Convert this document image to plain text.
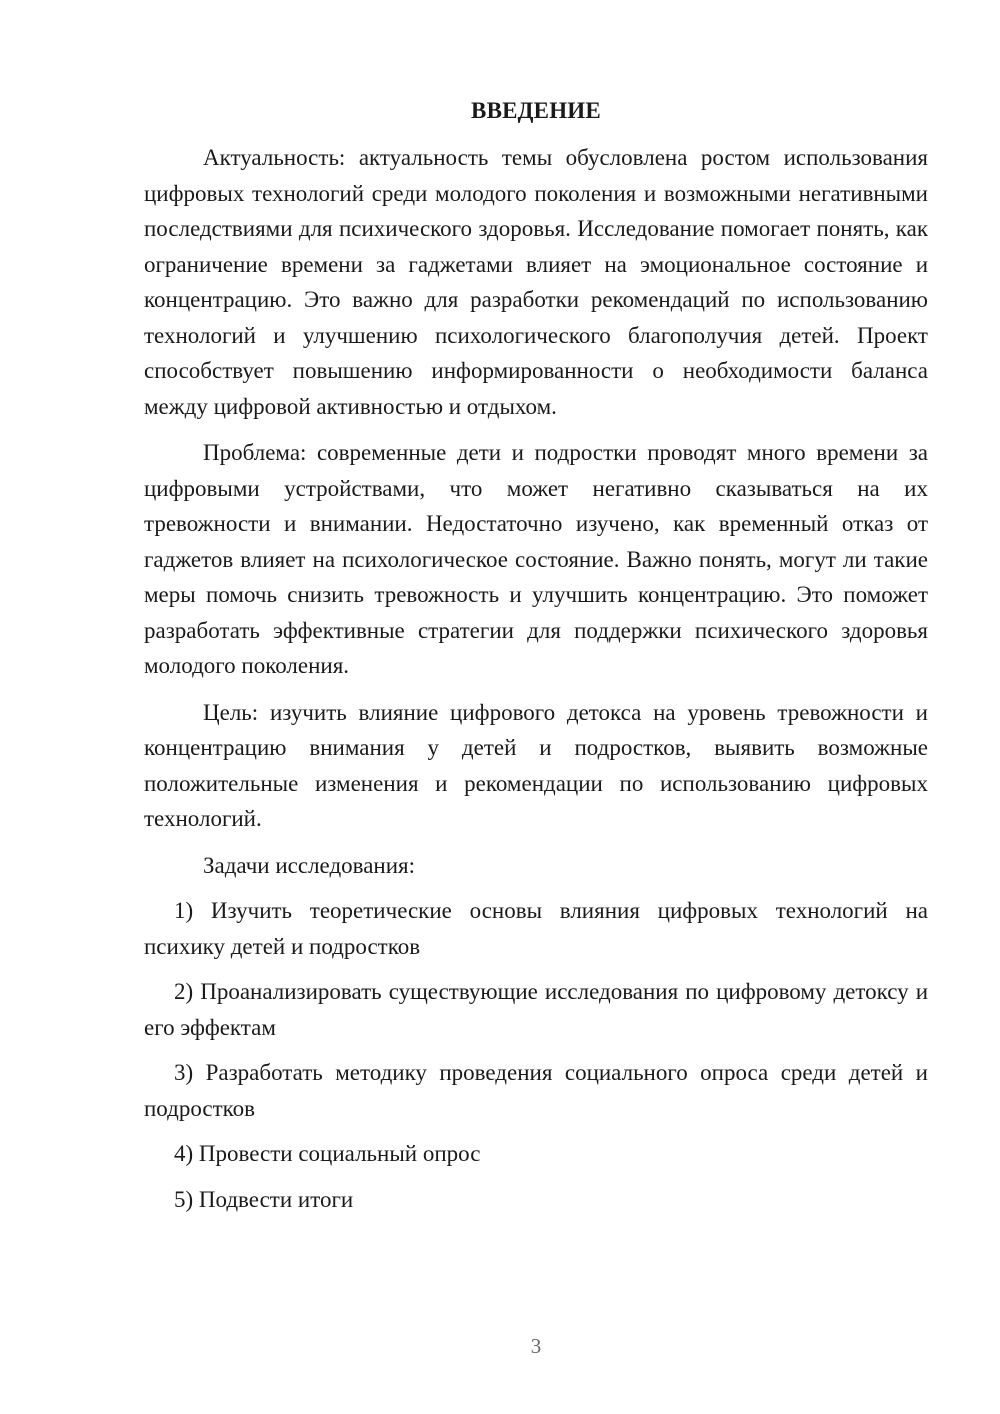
ВВЕДЕНИЕ

Актуальность: актуальность темы обусловлена ростом использования цифровых технологий среди молодого поколения и возможными негативными последствиями для психического здоровья. Исследование помогает понять, как ограничение времени за гаджетами влияет на эмоциональное состояние и концентрацию. Это важно для разработки рекомендаций по использованию технологий и улучшению психологического благополучия детей. Проект способствует повышению информированности о необходимости баланса между цифровой активностью и отдыхом.

Проблема: современные дети и подростки проводят много времени за цифровыми устройствами, что может негативно сказываться на их тревожности и внимании. Недостаточно изучено, как временный отказ от гаджетов влияет на психологическое состояние. Важно понять, могут ли такие меры помочь снизить тревожность и улучшить концентрацию. Это поможет разработать эффективные стратегии для поддержки психического здоровья молодого поколения.

Цель: изучить влияние цифрового детокса на уровень тревожности и концентрацию внимания у детей и подростков, выявить возможные положительные изменения и рекомендации по использованию цифровых технологий.

Задачи исследования:

1) Изучить теоретические основы влияния цифровых технологий на психику детей и подростков

2) Проанализировать существующие исследования по цифровому детоксу и его эффектам

3) Разработать методику проведения социального опроса среди детей и подростков

4) Провести социальный опрос

5) Подвести итоги

3
